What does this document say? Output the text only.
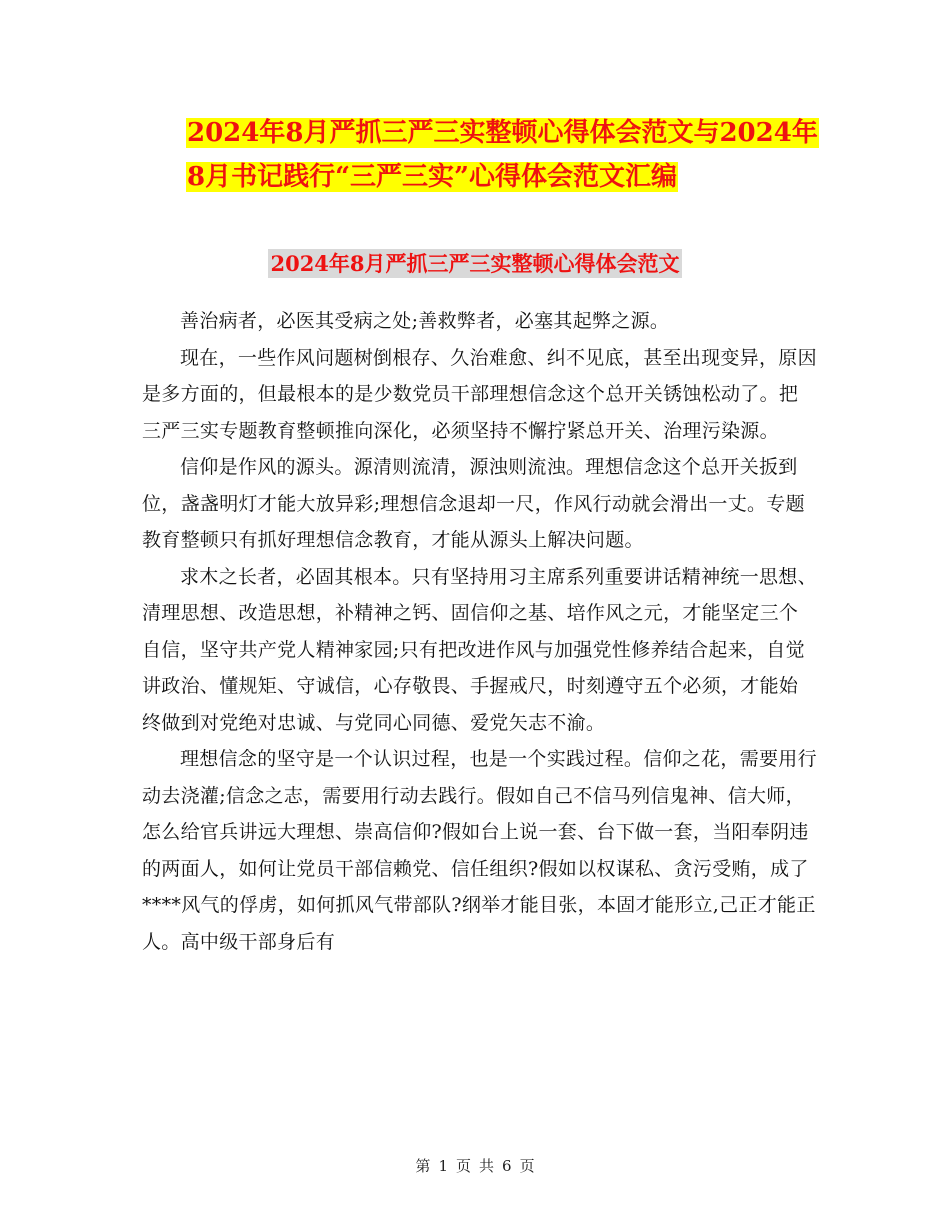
2024年8月严抓三严三实整顿心得体会范文与2024年
8月书记践行“三严三实”心得体会范文汇编
2024年8月严抓三严三实整顿心得体会范文

善治病者，必医其受病之处;善救弊者，必塞其起弊之源。

现在，一些作风问题树倒根存、久治难愈、纠不见底，甚至出现变异，原因是多方面的，但最根本的是少数党员干部理想信念这个总开关锈蚀松动了。把三严三实专题教育整顿推向深化，必须坚持不懈拧紧总开关、治理污染源。

信仰是作风的源头。源清则流清，源浊则流浊。理想信念这个总开关扳到位，盏盏明灯才能大放异彩;理想信念退却一尺，作风行动就会滑出一丈。专题教育整顿只有抓好理想信念教育，才能从源头上解决问题。

求木之长者，必固其根本。只有坚持用习主席系列重要讲话精神统一思想、清理思想、改造思想，补精神之钙、固信仰之基、培作风之元，才能坚定三个自信，坚守共产党人精神家园;只有把改进作风与加强党性修养结合起来，自觉讲政治、懂规矩、守诚信，心存敬畏、手握戒尺，时刻遵守五个必须，才能始终做到对党绝对忠诚、与党同心同德、爱党矢志不渝。

理想信念的坚守是一个认识过程，也是一个实践过程。信仰之花，需要用行动去浇灌;信念之志，需要用行动去践行。假如自己不信马列信鬼神、信大师，怎么给官兵讲远大理想、崇高信仰?假如台上说一套、台下做一套，当阳奉阴违的两面人，如何让党员干部信赖党、信任组织?假如以权谋私、贪污受贿，成了****风气的俘虏，如何抓风气带部队?纲举才能目张，本固才能形立,己正才能正人。高中级干部身后有

第 1 页 共 6 页
